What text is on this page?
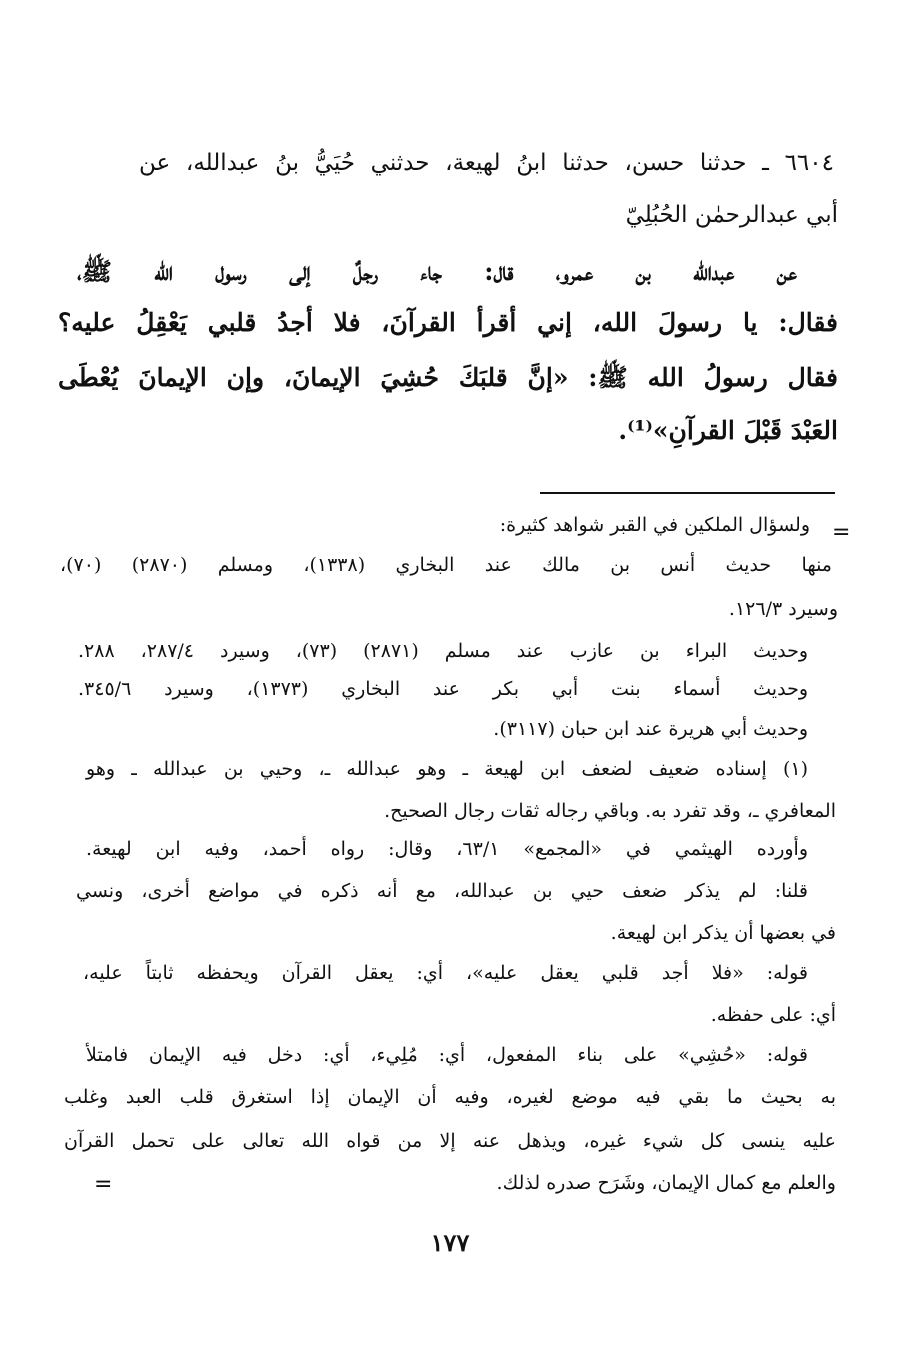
٦٦٠٤ ـ حدثنا حسن، حدثنا ابنُ لهيعة، حدثني حُيَيُّ بنُ عبدالله، عن
أبي عبدالرحمٰن الحُبُلِيّ
عن عبدالله بن عمرو، قال: جاء رجلٌ إلى رسول الله ﷺ،
فقال: يا رسولَ الله، إني أقرأ القرآنَ، فلا أجدُ قلبي يَعْقِلُ عليه؟
فقال رسولُ الله ﷺ: «إنَّ قلبَكَ حُشِيَ الإيمانَ، وإن الإيمانَ يُعْطَى
العَبْدَ قَبْلَ القرآنِ»⁽¹⁾.
=
=
ولسؤال الملكين في القبر شواهد كثيرة:
منها حديث أنس بن مالك عند البخاري (١٣٣٨)، ومسلم (٢٨٧٠) (٧٠)،
وسيرد ١٢٦/٣.
وحديث البراء بن عازب عند مسلم (٢٨٧١) (٧٣)، وسيرد ٢٨٧/٤، ٢٨٨.
وحديث أسماء بنت أبي بكر عند البخاري (١٣٧٣)، وسيرد ٣٤٥/٦.
وحديث أبي هريرة عند ابن حبان (٣١١٧).
(١) إسناده ضعيف لضعف ابن لهيعة ـ وهو عبدالله ـ، وحيي بن عبدالله ـ وهو
المعافري ـ، وقد تفرد به. وباقي رجاله ثقات رجال الصحيح.
وأورده الهيثمي في «المجمع» ٦٣/١، وقال: رواه أحمد، وفيه ابن لهيعة.
قلنا: لم يذكر ضعف حيي بن عبدالله، مع أنه ذكره في مواضع أخرى، ونسي
في بعضها أن يذكر ابن لهيعة.
قوله: «فلا أجد قلبي يعقل عليه»، أي: يعقل القرآن ويحفظه ثابتاً عليه،
أي: على حفظه.
قوله: «حُشِي» على بناء المفعول، أي: مُلِيء، أي: دخل فيه الإيمان فامتلأ
به بحيث ما بقي فيه موضع لغيره، وفيه أن الإيمان إذا استغرق قلب العبد وغلب
عليه ينسى كل شيء غيره، ويذهل عنه إلا من قواه الله تعالى على تحمل القرآن
والعلم مع كمال الإيمان، وشَرَح صدره لذلك.
١٧٧
